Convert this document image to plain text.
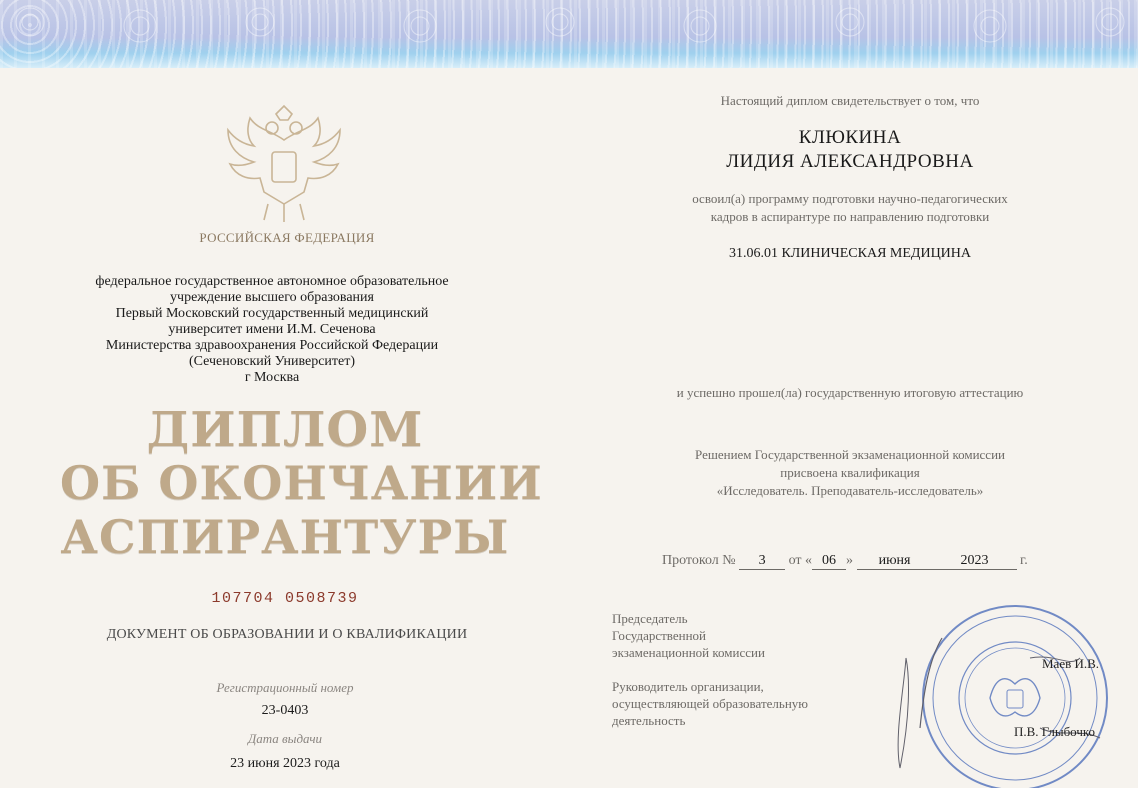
РОССИЙСКАЯ ФЕДЕРАЦИЯ
федеральное государственное автономное образовательное
учреждение высшего образования
Первый Московский государственный медицинский
университет имени И.М. Сеченова
Министерства здравоохранения Российской Федерации
(Сеченовский Университет)
г Москва
ДИПЛОМ
ОБ ОКОНЧАНИИ
АСПИРАНТУРЫ
107704 0508739
ДОКУМЕНТ ОБ ОБРАЗОВАНИИ И О КВАЛИФИКАЦИИ
Регистрационный номер
23-0403
Дата выдачи
23 июня 2023 года
Настоящий диплом свидетельствует о том, что
КЛЮКИНА
ЛИДИЯ АЛЕКСАНДРОВНА
освоил(а) программу подготовки научно-педагогических
кадров в аспирантуре по направлению подготовки
31.06.01 КЛИНИЧЕСКАЯ МЕДИЦИНА
и успешно прошел(ла) государственную итоговую аттестацию
Решением Государственной экзаменационной комиссии
присвоена квалификация
«Исследователь. Преподаватель-исследователь»
Протокол № 3 от « 06 » июня	2023 г.
Председатель
Государственной
экзаменационной комиссии
Маев И.В.
Руководитель организации,
осуществляющей образовательную
деятельность
П.В. Глыбочко
